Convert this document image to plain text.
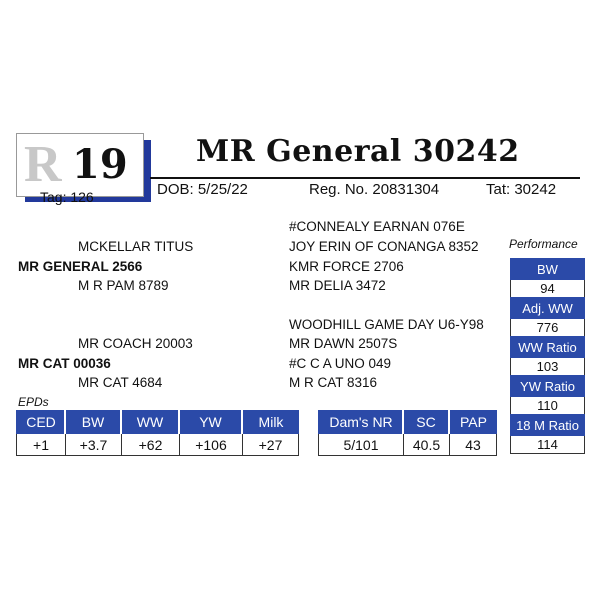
R 19
Tag: 126
MR General 30242
DOB: 5/25/22	Reg. No. 20831304	Tat: 30242
MCKELLAR TITUS
MR GENERAL 2566
M R PAM 8789
MR COACH 20003
MR CAT 00036
MR CAT 4684
#CONNEALY EARNAN 076E
JOY ERIN OF CONANGA 8352
KMR FORCE 2706
MR DELIA 3472
WOODHILL GAME DAY U6-Y98
MR DAWN 2507S
#C C A UNO 049
M R CAT 8316
EPDs
CED	BW	WW	YW	Milk
+1	+3.7	+62	+106	+27
Dam's NR	SC	PAP
5/101	40.5	43
Performance
BW
94
Adj. WW
776
WW Ratio
103
YW Ratio
110
18 M Ratio
114
